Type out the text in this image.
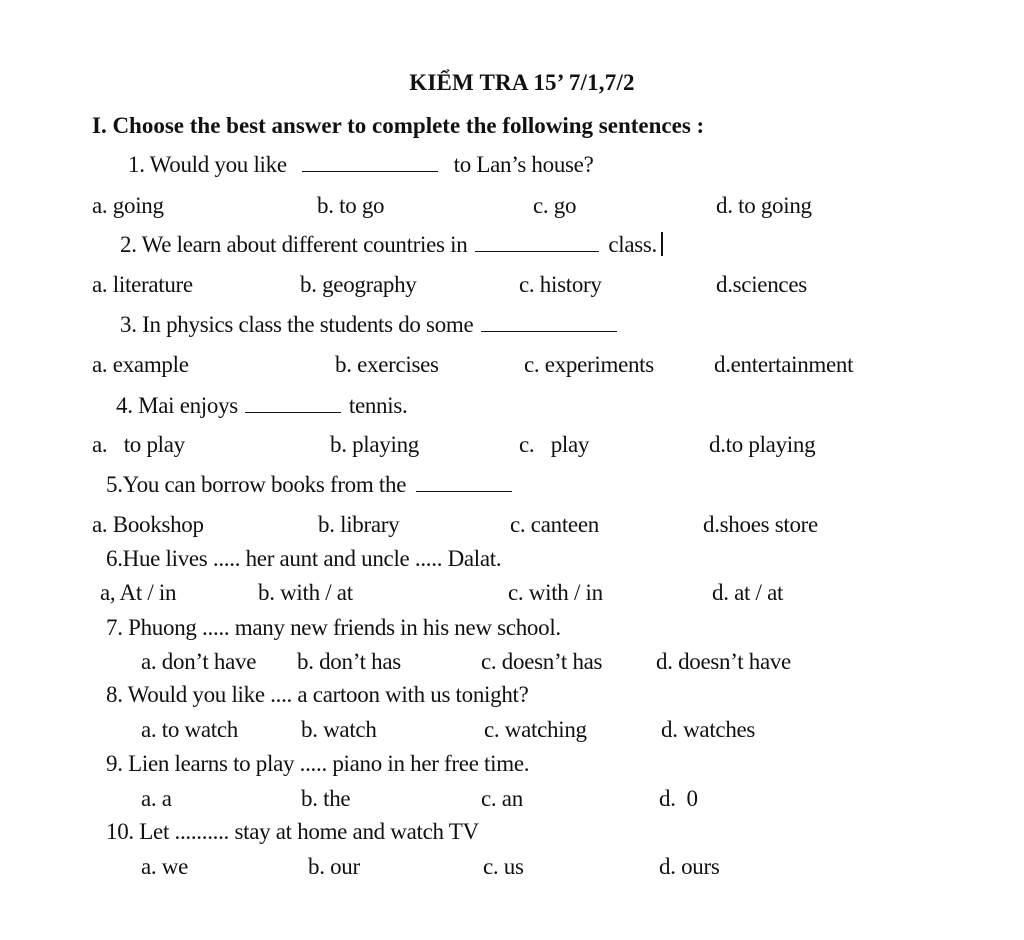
KIỂM TRA 15’ 7/1,7/2
I. Choose the best answer to complete the following sentences :
1. Would you like	to Lan’s house?
a. going	b. to go	c. go	d. to going
2. We learn about different countries in	class.
a. literature	b. geography	c. history	d.sciences
3. In physics class the students do some
a. example	b. exercises	c. experiments	d.entertainment
4. Mai enjoys	tennis.
a.   to play	b. playing	c.   play	d.to playing
5.You can borrow books from the
a. Bookshop	b. library	c. canteen	d.shoes store
6.Hue lives ..... her aunt and uncle ..... Dalat.
a, At / in	b. with / at	c. with / in	d. at / at
7. Phuong ..... many new friends in his new school.
a. don’t have b. don’t has	c. doesn’t has d. doesn’t have
8. Would you like .... a cartoon with us tonight?
a. to watch	b. watch	c. watching	d. watches
9. Lien learns to play ..... piano in her free time.
a. a	b. the	c. an	d.  0
10. Let .......... stay at home and watch TV
a. we	b. our	c. us	d. ours
